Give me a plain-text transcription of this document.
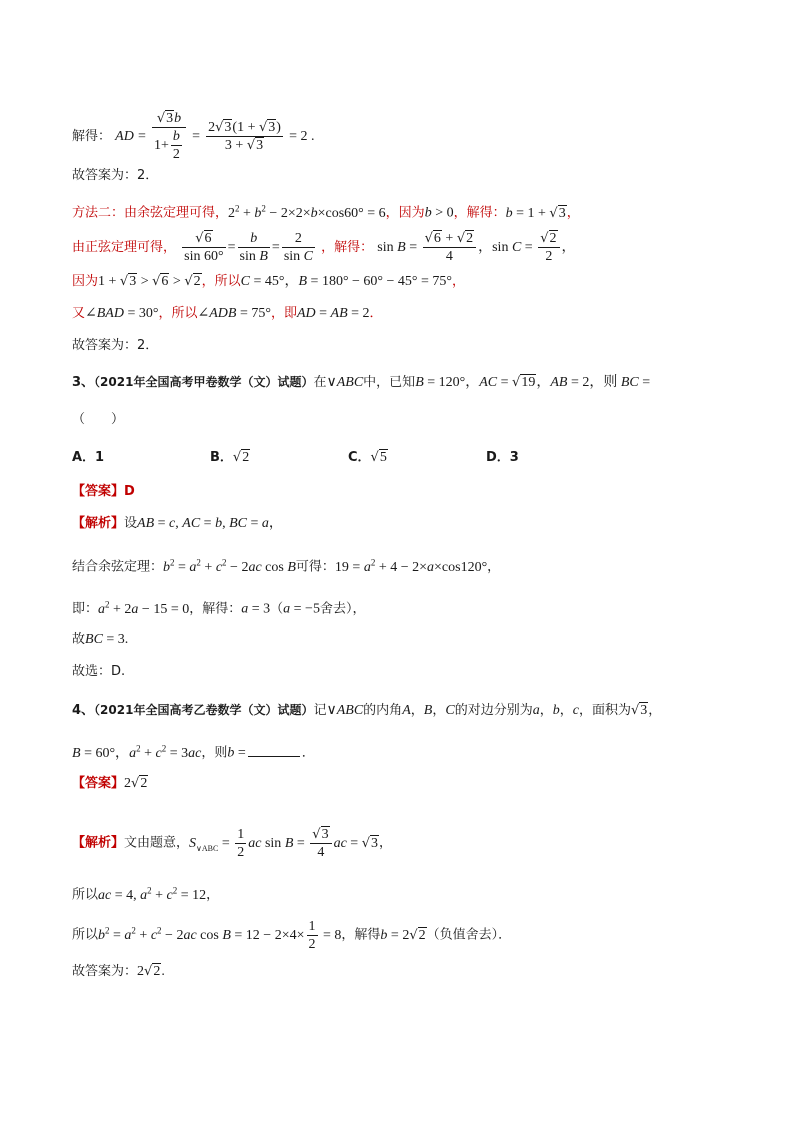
解得： AD = $\frac{√3b}{1+ \frac{b}{2}} = \frac{2√3(1 + √3)}{3 + √3} = 2$ .
故答案为：2．
方法二：由余弦定理可得，$2^2 + b^2 - 2\times 2\times b\times\cos 60^\circ = 6$，因为b > 0，解得：b = 1 + √3，
由正弦定理可得， $\frac{√6}{\sin 60^\circ} = \frac{b}{\text{sin B}} = \frac{2}{\text{sin C}}$ ，解得： $\sin B = \frac{√6 + √2}{4}$ ，$\sin C = \frac{√2}{2}$ ，
因为1 + √3 > √6 > √2，所以C = 45°，B = 180° − 60° − 45° = 75°，
又∠BAD = 30°，所以∠ADB = 75°，即AD = AB = 2．
故答案为：2．
3、（2021年全国高考甲卷数学（文）试题）在∨ABC中，已知B = 120°，AC = √19，AB = 2，则 BC =
（　　）
A．1	B．√2	C．√5	D．3
【答案】D
【解析】设AB = c, AC = b, BC = a，
结合余弦定理：$b^2 = a^2 + c^2 - 2ac$ cos B可得：$19 = a^2 + 4 - 2\times a\times\cos 120^\circ$，
即：$a^2 + 2a - 15 = 0$，解得：a = 3（a = −5舍去），
故BC = 3.
故选：D.
4、（2021年全国高考乙卷数学（文）试题）记∨ABC的内角A，B，C的对边分别为a，b，c，面积为√3，
B = 60°，$a^2 + c^2 = 3ac$，则b =	．
【答案】2√2
【解析】文由题意，$S_{\vee ABC} = \frac{1}{2}$ ac $\sin B = \frac{√3}{4}$ ac = √3，
所以ac = 4, $a^2 + c^2 = 12$，
所以$b^2 = a^2 + c^2 - 2ac$ $\cos B = 12 - 2\times 4\times \frac{1}{2} = 8$，解得b = 2√2（负值舍去）．
故答案为：2√2.
